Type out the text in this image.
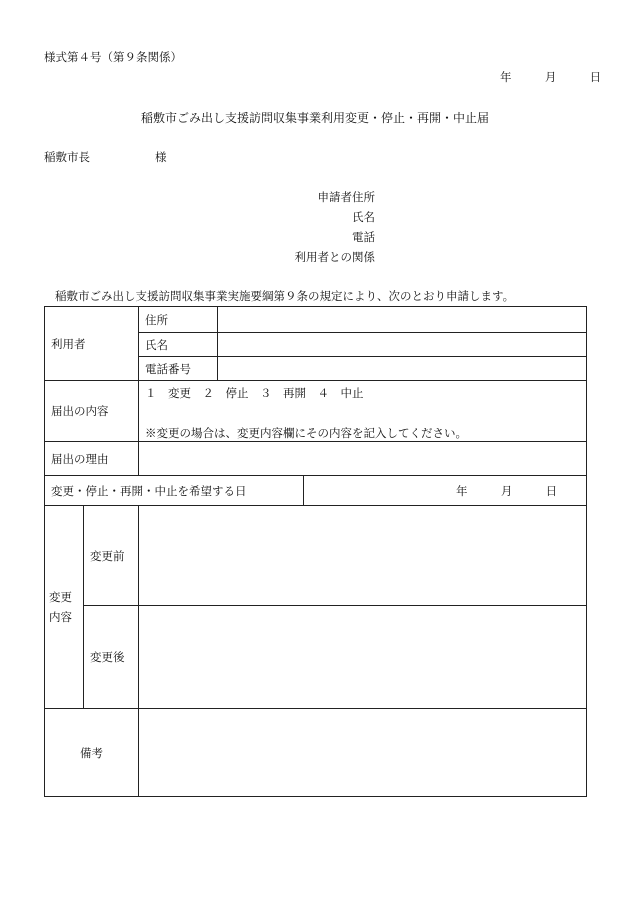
様式第４号（第９条関係）
年	月	日
稲敷市ごみ出し支援訪問収集事業利用変更・停止・再開・中止届
稲敷市長	様
申請者住所
氏名
電話
利用者との関係
稲敷市ごみ出し支援訪問収集事業実施要綱第９条の規定により、次のとおり申請します。
利用者		住所		
		氏名		
		電話番号		
届出の内容		１　変更　２　停止　３　再開　４　中止
※変更の場合は、変更内容欄にその内容を記入してください。		

届出の理由				
変更・停止・再開・中止を希望する日				年 月 日

変更
内容	変更前			
	変更後			
備考				
